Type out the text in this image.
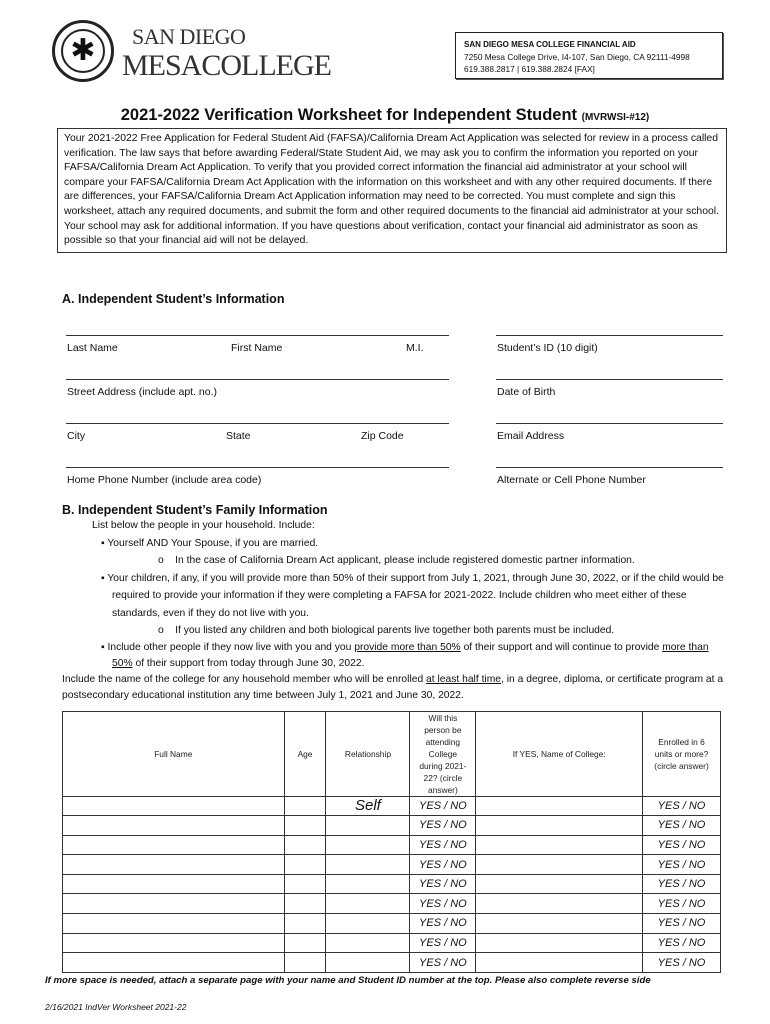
✱	SAN DIEGO
MESACOLLEGE
SAN DIEGO MESA COLLEGE FINANCIAL AID
7250 Mesa College Drive, I4-107, San Diego, CA 92111-4998
619.388.2817 | 619.388.2824 [FAX]
2021-2022 Verification Worksheet for Independent Student (MVRWSI-#12)
Your 2021-2022 Free Application for Federal Student Aid (FAFSA)/California Dream Act Application was selected for review in a process called verification. The law says that before awarding Federal/State Student Aid, we may ask you to confirm the information you reported on your FAFSA/California Dream Act Application. To verify that you provided correct information the financial aid administrator at your school will compare your FAFSA/California Dream Act Application with the information on this worksheet and with any other required documents. If there are differences, your FAFSA/California Dream Act Application information may need to be corrected. You must complete and sign this worksheet, attach any required documents, and submit the form and other required documents to the financial aid administrator at your school. Your school may ask for additional information. If you have questions about verification, contact your financial aid administrator as soon as possible so that your financial aid will not be delayed.
A. Independent Student’s Information
Last Name	First Name	M.I.	Student’s ID (10 digit)
Street Address (include apt. no.)	Date of Birth
City	State	Zip Code	Email Address
Home Phone Number (include area code)	Alternate or Cell Phone Number
B. Independent Student’s Family Information
List below the people in your household. Include:
▪ Yourself AND Your Spouse, if you are married.
o    In the case of California Dream Act applicant, please include registered domestic partner information.
▪ Your children, if any, if you will provide more than 50% of their support from July 1, 2021, through June 30, 2022, or if the child would be required to provide your information if they were completing a FAFSA for 2021-2022. Include children who meet either of these standards, even if they do not live with you.
o    If you listed any children and both biological parents live together both parents must be included.
▪ Include other people if they now live with you and you provide more than 50% of their support and will continue to provide more than 50% of their support from today through June 30, 2022.
Include the name of the college for any household member who will be enrolled at least half time, in a degree, diploma, or certificate program at a postsecondary educational institution any time between July 1, 2021 and June 30, 2022.
Full Name	Age	Relationship	Will this person be attending College during 2021-22? (circle answer)	If YES, Name of College:	Enrolled in 6 units or more? (circle answer)
		Self	YES / NO		YES / NO
			YES / NO		YES / NO
			YES / NO		YES / NO
			YES / NO		YES / NO
			YES / NO		YES / NO
			YES / NO		YES / NO
			YES / NO		YES / NO
			YES / NO		YES / NO
			YES / NO		YES / NO
If more space is needed, attach a separate page with your name and Student ID number at the top. Please also complete reverse side
2/16/2021 IndVer Worksheet 2021-22
